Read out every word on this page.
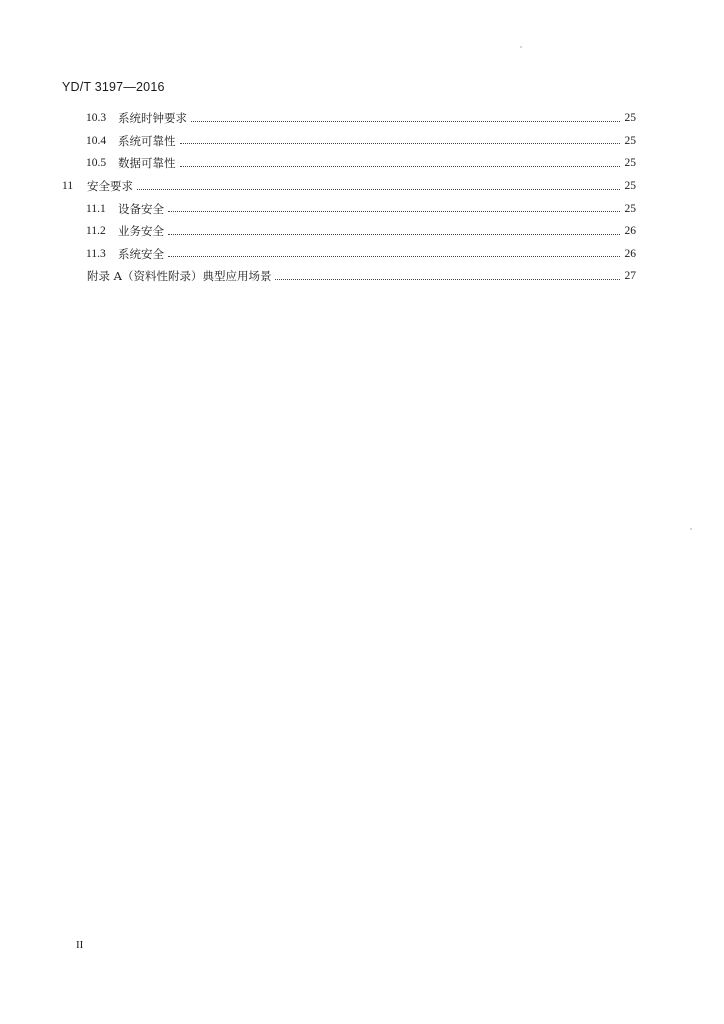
YD/T 3197—2016
10.3	系统时钟要求	25
10.4	系统可靠性	25
10.5	数据可靠性	25
11	安全要求	25
11.1	设备安全	25
11.2	业务安全	26
11.3	系统安全	26
附录 A（资料性附录）典型应用场景	27
II
